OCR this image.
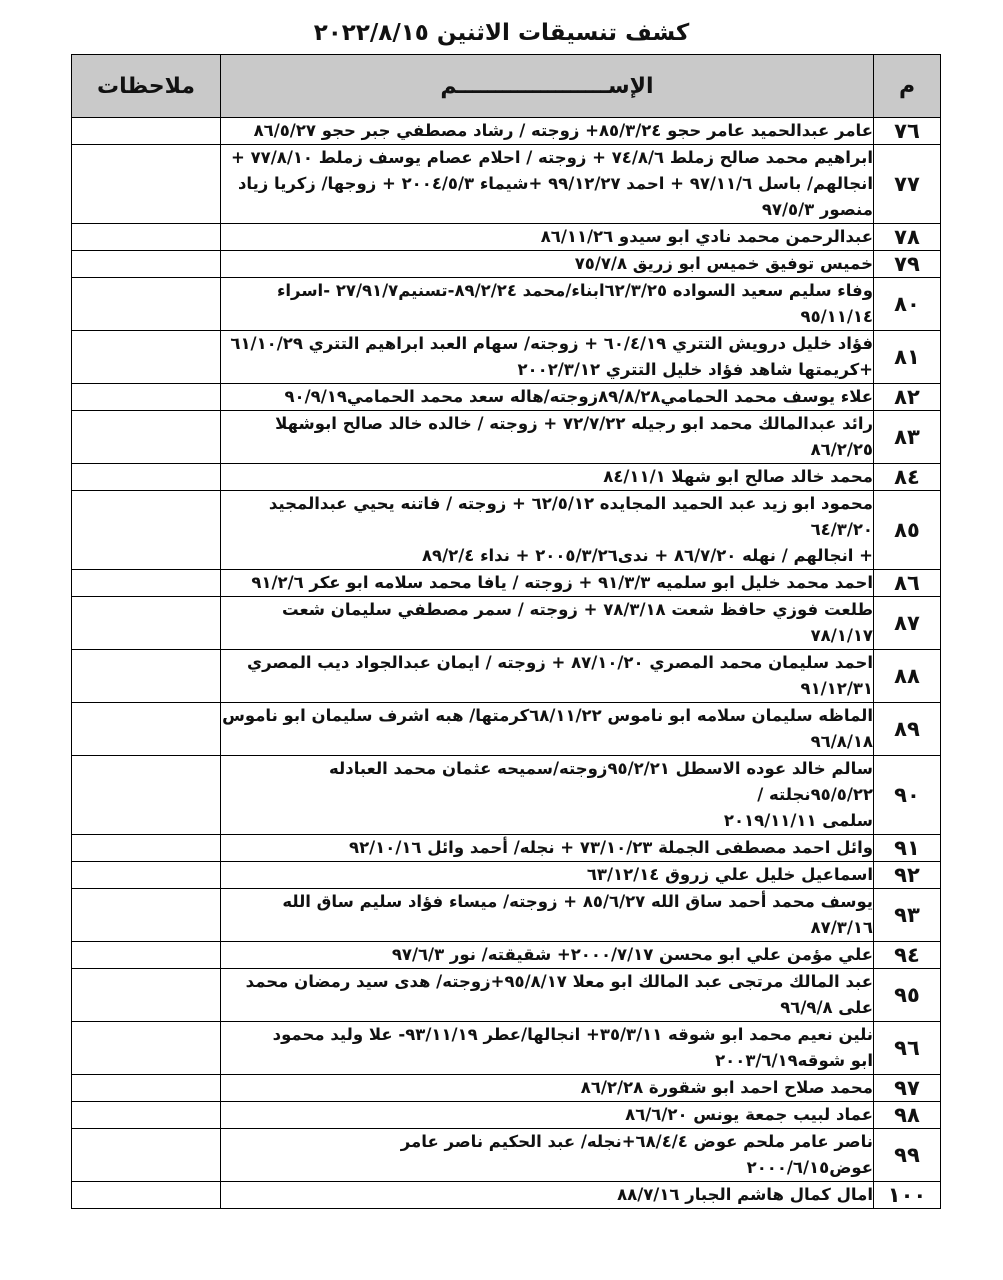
كشف تنسيقات الاثنين ٢٠٢٢/٨/١٥
م	الإســــــــــــــــــــم	ملاحظات
٧٦	عامر عبدالحميد عامر حجو ٨٥/٣/٢٤+ زوجته / رشاد مصطفي جبر حجو ٨٦/٥/٢٧	
٧٧	ابراهيم محمد صالح زملط ٧٤/٨/٦ + زوجته / احلام عصام يوسف زملط ٧٧/٨/١٠ +
انجالهم/ باسل ٩٧/١١/٦ + احمد ٩٩/١٢/٢٧ +شيماء ٢٠٠٤/٥/٣ + زوجها/ زكريا زياد
منصور ٩٧/٥/٣	
٧٨	عبدالرحمن محمد نادي ابو سيدو ٨٦/١١/٢٦	
٧٩	خميس توفيق خميس ابو زريق ٧٥/٧/٨	
٨٠	وفاء سليم سعيد السواده ٦٢/٣/٢٥ابناء/محمد ٨٩/٢/٢٤-تسنيم٢٧/٩١/٧ -اسراء
٩٥/١١/١٤	
٨١	فؤاد خليل درويش التتري ٦٠/٤/١٩ + زوجته/ سهام العبد ابراهيم التتري ٦١/١٠/٢٩
+كريمتها شاهد فؤاد خليل التتري ٢٠٠٢/٣/١٢	
٨٢	علاء يوسف محمد الحمامي٨٩/٨/٢٨زوجته/هاله سعد محمد الحمامي٩٠/٩/١٩	
٨٣	رائد عبدالمالك محمد ابو رجيله ٧٢/٧/٢٢ + زوجته / خالده خالد صالح ابوشهلا ٨٦/٢/٢٥	
٨٤	محمد خالد صالح ابو شهلا ٨٤/١١/١	
٨٥	محمود ابو زيد عبد الحميد المجايده ٦٢/٥/١٢ + زوجته / فاتنه يحيي عبدالمجيد ٦٤/٣/٢٠
+ انجالهم / نهله ٨٦/٧/٢٠ + ندى٢٠٠٥/٣/٢٦ + نداء ٨٩/٢/٤	
٨٦	احمد محمد خليل ابو سلميه ٩١/٣/٣ + زوجته / يافا محمد سلامه ابو عكر ٩١/٢/٦	
٨٧	طلعت فوزي حافظ شعت ٧٨/٣/١٨ + زوجته / سمر مصطفي سليمان شعت ٧٨/١/١٧	
٨٨	احمد سليمان محمد المصري ٨٧/١٠/٢٠ + زوجته / ايمان عبدالجواد ديب المصري
٩١/١٢/٣١	
٨٩	الماظه سليمان سلامه ابو ناموس ٦٨/١١/٢٢كرمتها/ هبه اشرف سليمان ابو ناموس
٩٦/٨/١٨	
٩٠	سالم خالد عوده الاسطل ٩٥/٢/٢١زوجته/سميحه عثمان محمد العبادله ٩٥/٥/٢٢نجلته /
سلمى ٢٠١٩/١١/١١	
٩١	وائل احمد مصطفى الجملة ٧٣/١٠/٢٣ + نجله/ أحمد وائل ٩٢/١٠/١٦	
٩٢	اسماعيل خليل علي زروق ٦٣/١٢/١٤	
٩٣	يوسف محمد أحمد ساق الله ٨٥/٦/٢٧ + زوجته/ ميساء فؤاد سليم ساق الله ٨٧/٣/١٦	
٩٤	علي مؤمن علي ابو محسن ٢٠٠٠/٧/١٧+ شقيقته/ نور ٩٧/٦/٣	
٩٥	عبد المالك مرتجى عبد المالك ابو معلا ٩٥/٨/١٧+زوجته/ هدى سيد رمضان محمد
على ٩٦/٩/٨	
٩٦	نلين نعيم محمد ابو شوقه ٣٥/٣/١١+ انجالها/عطر ٩٣/١١/١٩- علا وليد محمود
ابو شوقه٢٠٠٣/٦/١٩	
٩٧	محمد صلاح احمد ابو شقورة ٨٦/٢/٢٨	
٩٨	عماد لبيب جمعة يونس ٨٦/٦/٢٠	
٩٩	ناصر عامر ملحم عوض ٦٨/٤/٤+نجله/ عبد الحكيم ناصر عامر
عوض٢٠٠٠/٦/١٥	
١٠٠	امال كمال هاشم الجبار ٨٨/٧/١٦	
